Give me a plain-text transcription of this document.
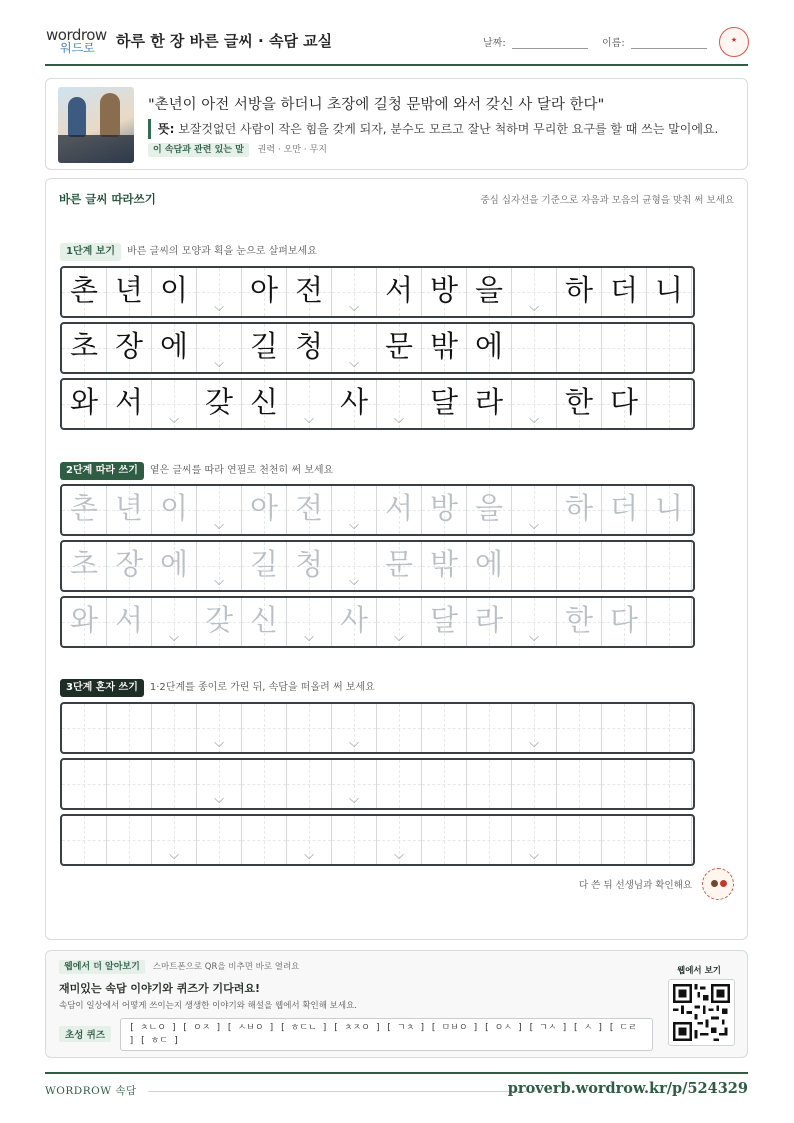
wordrow
워드로 하루 한 장 바른 글씨 · 속담 교실	날짜:	이름:	★
"촌년이 아전 서방을 하더니 초장에 길청 문밖에 와서 갖신 사 달라 한다"
뜻: 보잘것없던 사람이 작은 힘을 갖게 되자, 분수도 모르고 잘난 척하며 무리한 요구를 할 때 쓰는 말이에요.
이 속담과 관련 있는 말 권력 · 오만 · 무지
바른 글씨 따라쓰기	중심 십자선을 기준으로 자음과 모음의 균형을 맞춰 써 보세요
1단계 보기 바른 글씨의 모양과 획을 눈으로 살펴보세요
촌 년 이
⌵
아 전
⌵
서 방 을
⌵
하 더 니
초 장 에
⌵
길 청
⌵
문 밖 에
와 서
⌵
갖 신
⌵
사
⌵
달 라
⌵
한 다
2단계 따라 쓰기 옅은 글씨를 따라 연필로 천천히 써 보세요
촌 년 이
⌵
아 전
⌵
서 방 을
⌵
하 더 니
초 장 에
⌵
길 청
⌵
문 밖 에
와 서
⌵
갖 신
⌵
사
⌵
달 라
⌵
한 다
3단계 혼자 쓰기 1·2단계를 종이로 가린 뒤, 속담을 떠올려 써 보세요
⌵	⌵	⌵
⌵	⌵
⌵	⌵	⌵	⌵
다 쓴 뒤 선생님과 확인해요
웹에서 더 알아보기 스마트폰으로 QR을 비추면 바로 열려요
재미있는 속담 이야기와 퀴즈가 기다려요!
속담이 일상에서 어떻게 쓰이는지 생생한 이야기와 해설을 웹에서 확인해 보세요.
초성 퀴즈
[ ㅊㄴㅇ ] [ ㅇㅈ ] [ ㅅㅂㅇ ] [ ㅎㄷㄴ ] [ ㅊㅈㅇ ] [ ㄱㅊ ] [ ㅁㅂㅇ ] [ ㅇㅅ ] [ ㄱㅅ ] [ ㅅ ] [ ㄷㄹ ] [ ㅎㄷ ]
웹에서 보기
WORDROW 속담	proverb.wordrow.kr/p/524329
